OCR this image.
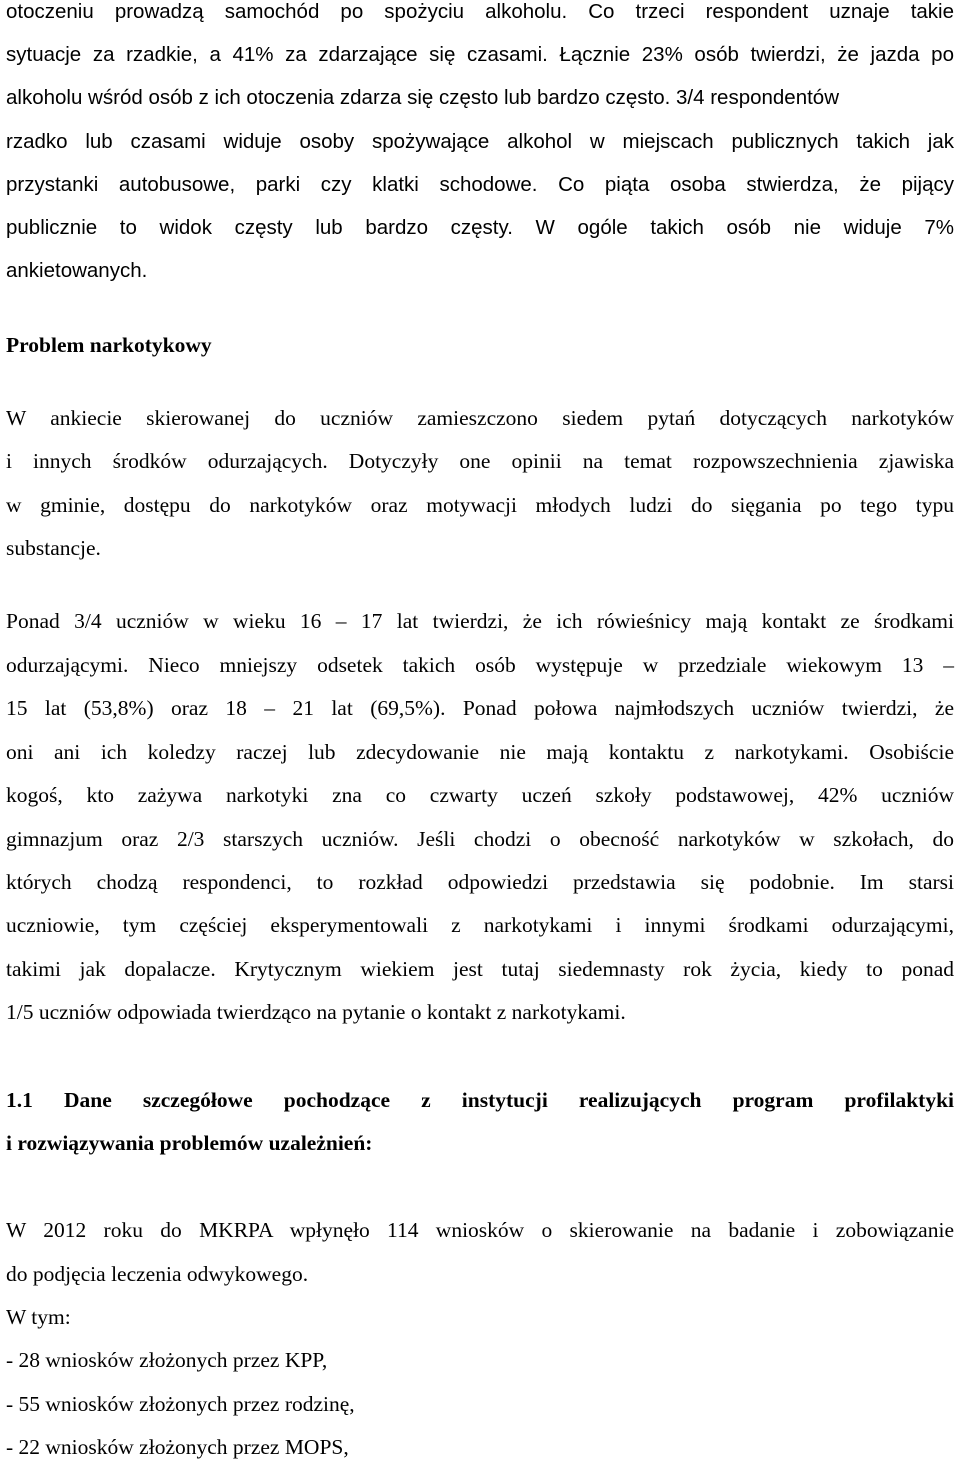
otoczeniu prowadzą samochód po spożyciu alkoholu. Co trzeci respondent uznaje takie
sytuacje za rzadkie, a 41% za zdarzające się czasami. Łącznie 23% osób twierdzi, że jazda po
alkoholu wśród osób z ich otoczenia zdarza się często lub bardzo często. 3/4 respondentów
rzadko lub czasami widuje osoby spożywające alkohol w miejscach publicznych takich jak
przystanki autobusowe, parki czy klatki schodowe. Co piąta osoba stwierdza, że pijący
publicznie to widok częsty lub bardzo częsty. W ogóle takich osób nie widuje 7%
ankietowanych.
Problem narkotykowy
W ankiecie skierowanej do uczniów zamieszczono siedem pytań dotyczących narkotyków
i innych środków odurzających. Dotyczyły one opinii na temat rozpowszechnienia zjawiska
w gminie, dostępu do narkotyków oraz motywacji młodych ludzi do sięgania po tego typu
substancje.
Ponad 3/4 uczniów w wieku 16 – 17 lat twierdzi, że ich rówieśnicy mają kontakt ze środkami
odurzającymi. Nieco mniejszy odsetek takich osób występuje w przedziale wiekowym 13 –
15 lat (53,8%) oraz 18 – 21 lat (69,5%). Ponad połowa najmłodszych uczniów twierdzi, że
oni ani ich koledzy raczej lub zdecydowanie nie mają kontaktu z narkotykami. Osobiście
kogoś, kto zażywa narkotyki zna co czwarty uczeń szkoły podstawowej, 42% uczniów
gimnazjum oraz 2/3 starszych uczniów. Jeśli chodzi o obecność narkotyków w szkołach, do
których chodzą respondenci, to rozkład odpowiedzi przedstawia się podobnie. Im starsi
uczniowie, tym częściej eksperymentowali z narkotykami i innymi środkami odurzającymi,
takimi jak dopalacze. Krytycznym wiekiem jest tutaj siedemnasty rok życia, kiedy to ponad
1/5 uczniów odpowiada twierdząco na pytanie o kontakt z narkotykami.
1.1 Dane szczegółowe pochodzące z instytucji realizujących program profilaktyki
i rozwiązywania problemów uzależnień:
W 2012 roku do MKRPA wpłynęło 114 wniosków o skierowanie na badanie i zobowiązanie
do podjęcia leczenia odwykowego.
W tym:
- 28 wniosków złożonych przez KPP,
- 55 wniosków złożonych przez rodzinę,
- 22 wniosków złożonych przez MOPS,
